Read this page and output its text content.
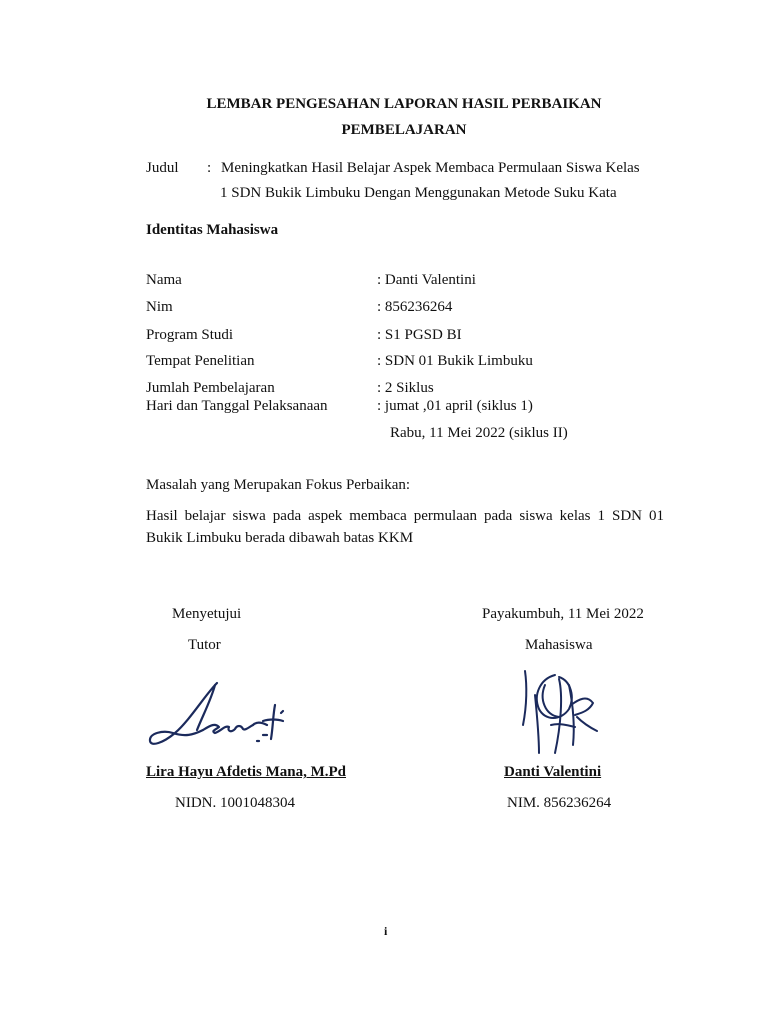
LEMBAR PENGESAHAN LAPORAN HASIL PERBAIKAN
PEMBELAJARAN
Judul : Meningkatkan Hasil Belajar Aspek Membaca Permulaan Siswa Kelas
1 SDN Bukik Limbuku Dengan Menggunakan Metode Suku Kata
Identitas Mahasiswa
Nama	: Danti Valentini
Nim	: 856236264
Program Studi	: S1 PGSD BI
Tempat Penelitian	: SDN 01 Bukik Limbuku
Jumlah Pembelajaran	: 2 Siklus
Hari dan Tanggal Pelaksanaan	: jumat ,01 april (siklus 1)
Rabu, 11 Mei 2022 (siklus II)
Masalah yang Merupakan Fokus Perbaikan:
Hasil belajar siswa pada aspek membaca permulaan pada siswa kelas 1 SDN 01 Bukik Limbuku berada dibawah batas KKM
Menyetujui
Tutor
Lira Hayu Afdetis Mana, M.Pd
NIDN. 1001048304
Payakumbuh, 11 Mei 2022
Mahasiswa
Danti Valentini
NIM. 856236264
i
